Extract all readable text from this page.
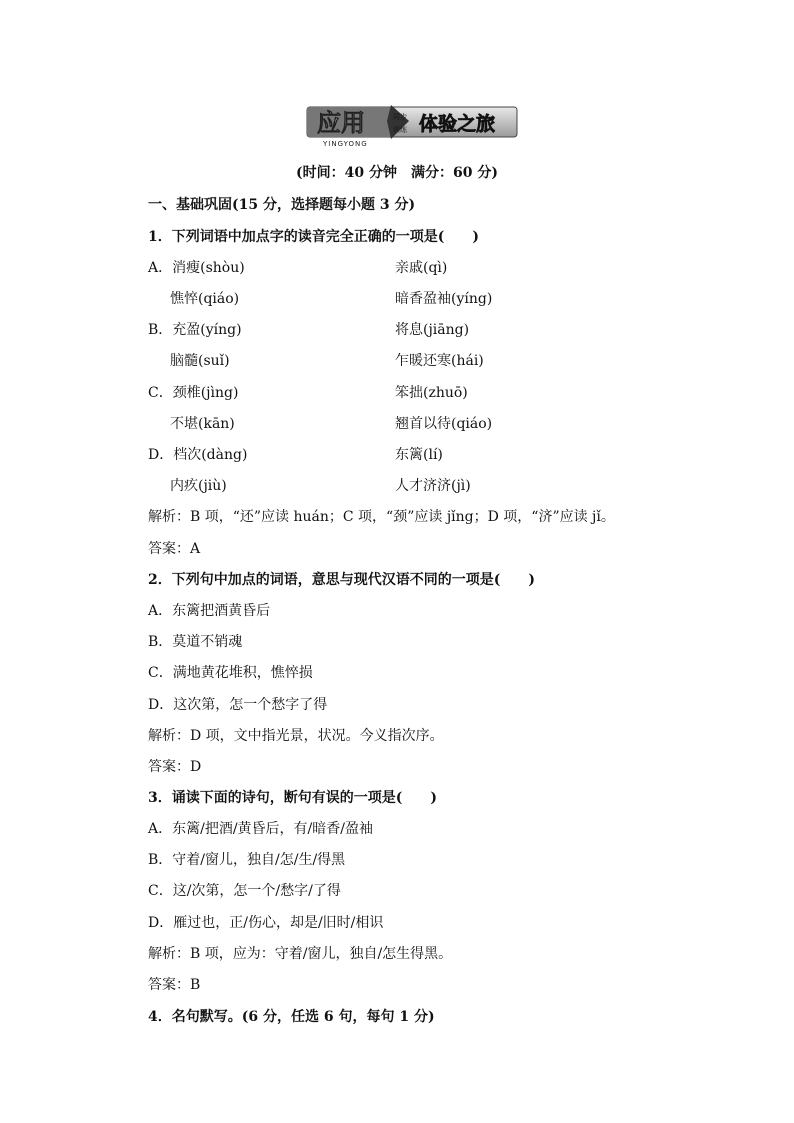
应用	同步
训练 体验之旅
YINGYONG
(时间：40 分钟　满分：60 分)
一、基础巩固(15 分，选择题每小题 3 分)
1．下列词语中加点字的读音完全正确的一项是(　　)
A．消瘦(shòu)	亲戚(qì)
憔悴(qiáo)	暗香盈袖(yíng)
B．充盈(yíng)	将息(jiāng)
脑髓(suǐ)	乍暖还寒(hái)
C．颈椎(jìng)	笨拙(zhuō)
不堪(kān)	翘首以待(qiáo)
D．档次(dàng)	东篱(lí)
内疚(jiù)	人才济济(jì)
解析：B 项，“还”应读 huán；C 项，“颈”应读 jǐng；D 项，“济”应读 jǐ。
答案：A
2．下列句中加点的词语，意思与现代汉语不同的一项是(　　)
A．东篱把酒黄昏后
B．莫道不销魂
C．满地黄花堆积，憔悴损
D．这次第，怎一个愁字了得
解析：D 项，文中指光景，状况。今义指次序。
答案：D
3．诵读下面的诗句，断句有误的一项是(　　)
A．东篱/把酒/黄昏后，有/暗香/盈袖
B．守着/窗儿，独自/怎/生/得黑
C．这/次第，怎一个/愁字/了得
D．雁过也，正/伤心，却是/旧时/相识
解析：B 项，应为：守着/窗儿，独自/怎生得黑。
答案：B
4．名句默写。(6 分，任选 6 句，每句 1 分)
